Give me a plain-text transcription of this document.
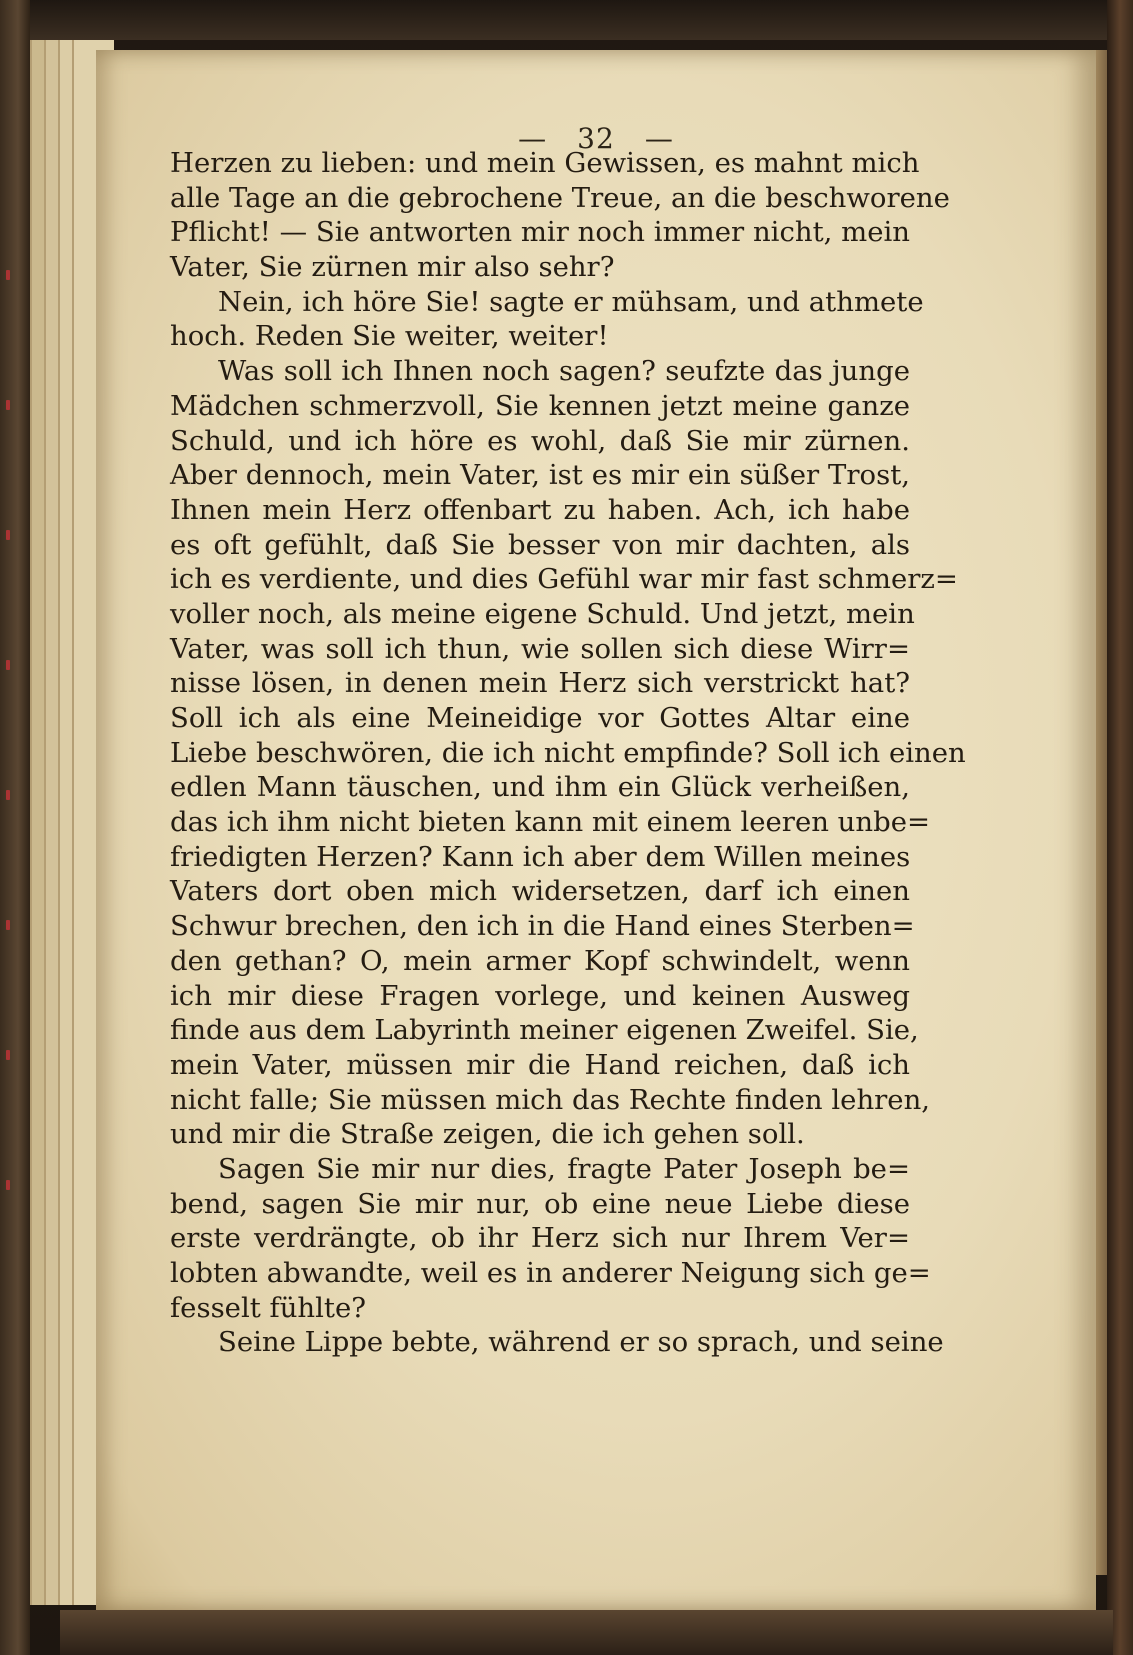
— 32 —
Herzen zu lieben: und mein Gewissen, es mahnt mich
alle Tage an die gebrochene Treue, an die beschworene
Pflicht! — Sie antworten mir noch immer nicht, mein
Vater, Sie zürnen mir also sehr?
Nein, ich höre Sie! sagte er mühsam, und athmete
hoch. Reden Sie weiter, weiter!
Was soll ich Ihnen noch sagen? seufzte das junge
Mädchen schmerzvoll, Sie kennen jetzt meine ganze
Schuld, und ich höre es wohl, daß Sie mir zürnen.
Aber dennoch, mein Vater, ist es mir ein süßer Trost,
Ihnen mein Herz offenbart zu haben. Ach, ich habe
es oft gefühlt, daß Sie besser von mir dachten, als
ich es verdiente, und dies Gefühl war mir fast schmerz=
voller noch, als meine eigene Schuld. Und jetzt, mein
Vater, was soll ich thun, wie sollen sich diese Wirr=
nisse lösen, in denen mein Herz sich verstrickt hat?
Soll ich als eine Meineidige vor Gottes Altar eine
Liebe beschwören, die ich nicht empfinde? Soll ich einen
edlen Mann täuschen, und ihm ein Glück verheißen,
das ich ihm nicht bieten kann mit einem leeren unbe=
friedigten Herzen? Kann ich aber dem Willen meines
Vaters dort oben mich widersetzen, darf ich einen
Schwur brechen, den ich in die Hand eines Sterben=
den gethan? O, mein armer Kopf schwindelt, wenn
ich mir diese Fragen vorlege, und keinen Ausweg
finde aus dem Labyrinth meiner eigenen Zweifel. Sie,
mein Vater, müssen mir die Hand reichen, daß ich
nicht falle; Sie müssen mich das Rechte finden lehren,
und mir die Straße zeigen, die ich gehen soll.
Sagen Sie mir nur dies, fragte Pater Joseph be=
bend, sagen Sie mir nur, ob eine neue Liebe diese
erste verdrängte, ob ihr Herz sich nur Ihrem Ver=
lobten abwandte, weil es in anderer Neigung sich ge=
fesselt fühlte?
Seine Lippe bebte, während er so sprach, und seine
